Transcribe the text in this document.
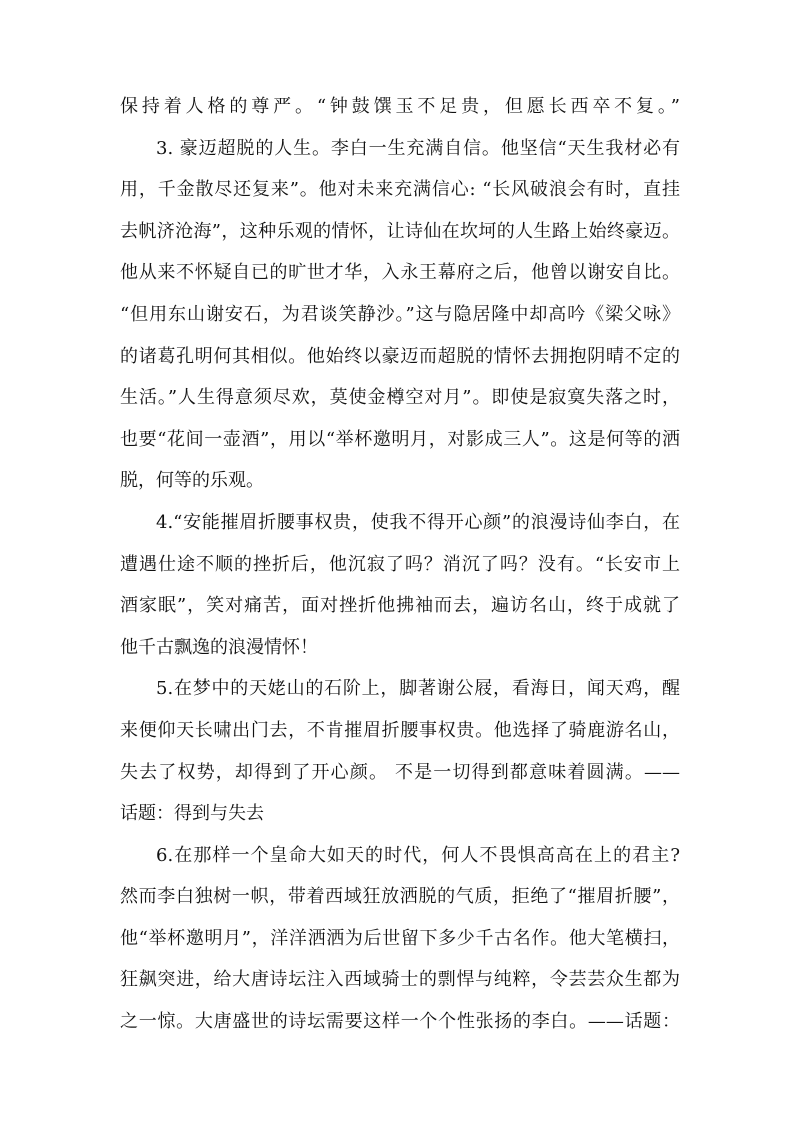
保持着人格的尊严。“钟鼓馔玉不足贵，但愿长西卒不复。”
3. 豪迈超脱的人生。李白一生充满自信。他坚信“天生我材必有
用，千金散尽还复来”。他对未来充满信心: “长风破浪会有时，直挂
去帆济沧海”，这种乐观的情怀，让诗仙在坎坷的人生路上始终豪迈。
他从来不怀疑自已的旷世才华，入永王幕府之后，他曾以谢安自比。
“但用东山谢安石，为君谈笑静沙。”这与隐居隆中却高吟《梁父咏》
的诸葛孔明何其相似。他始终以豪迈而超脱的情怀去拥抱阴晴不定的
生活。”人生得意须尽欢，莫使金樽空对月”。即使是寂寞失落之时，
也要“花间一壶酒”，用以“举杯邀明月，对影成三人”。这是何等的洒
脱，何等的乐观。
4.“安能摧眉折腰事权贵，使我不得开心颜”的浪漫诗仙李白，在
遭遇仕途不顺的挫折后，他沉寂了吗？消沉了吗？没有。“长安市上
酒家眠”，笑对痛苦，面对挫折他拂袖而去，遍访名山，终于成就了
他千古飘逸的浪漫情怀！
5.在梦中的天姥山的石阶上，脚著谢公屐，看海日，闻天鸡，醒
来便仰天长啸出门去，不肯摧眉折腰事权贵。他选择了骑鹿游名山，
失去了权势，却得到了开心颜。 不是一切得到都意味着圆满。——
话题：得到与失去
6.在那样一个皇命大如天的时代，何人不畏惧高高在上的君主?
然而李白独树一帜，带着西域狂放洒脱的气质，拒绝了“摧眉折腰”，
他“举杯邀明月”，洋洋洒洒为后世留下多少千古名作。他大笔横扫，
狂飙突进，给大唐诗坛注入西域骑士的剽悍与纯粹，令芸芸众生都为
之一惊。大唐盛世的诗坛需要这样一个个性张扬的李白。——话题：
